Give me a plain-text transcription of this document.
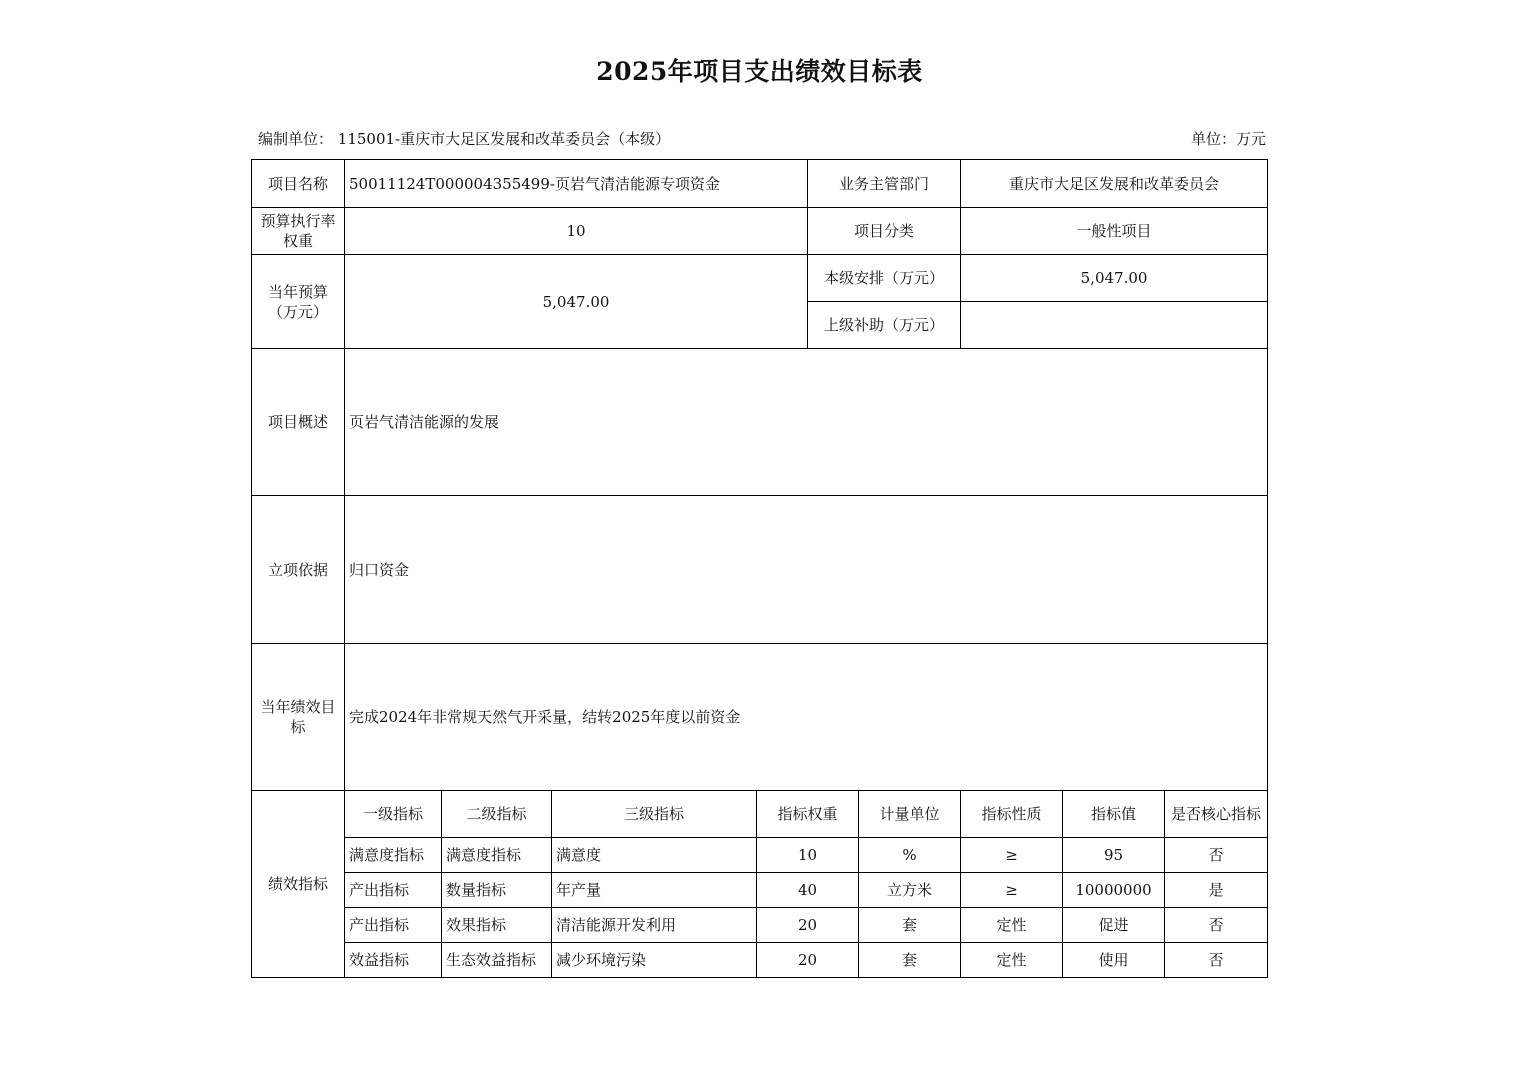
2025年项目支出绩效目标表
编制单位： 115001-重庆市大足区发展和改革委员会（本级）	单位：万元
项目名称	50011124T000004355499-页岩气清洁能源专项资金				业务主管部门		重庆市大足区发展和改革委员会		
预算执行率权重	10				项目分类		一般性项目		
当年预算（万元）	5,047.00				本级安排（万元）		5,047.00		
					上级补助（万元）				
项目概述	页岩气清洁能源的发展								
立项依据	归口资金								
当年绩效目标	完成2024年非常规天然气开采量，结转2025年度以前资金								
绩效指标	一级指标	二级指标	三级指标	指标权重		计量单位	指标性质	指标值	是否核心指标
	满意度指标	满意度指标	满意度	10		%	≥	95	否
	产出指标	数量指标	年产量	40		立方米	≥	10000000	是
	产出指标	效果指标	清洁能源开发利用	20		套	定性	促进	否
	效益指标	生态效益指标	减少环境污染	20		套	定性	使用	否
